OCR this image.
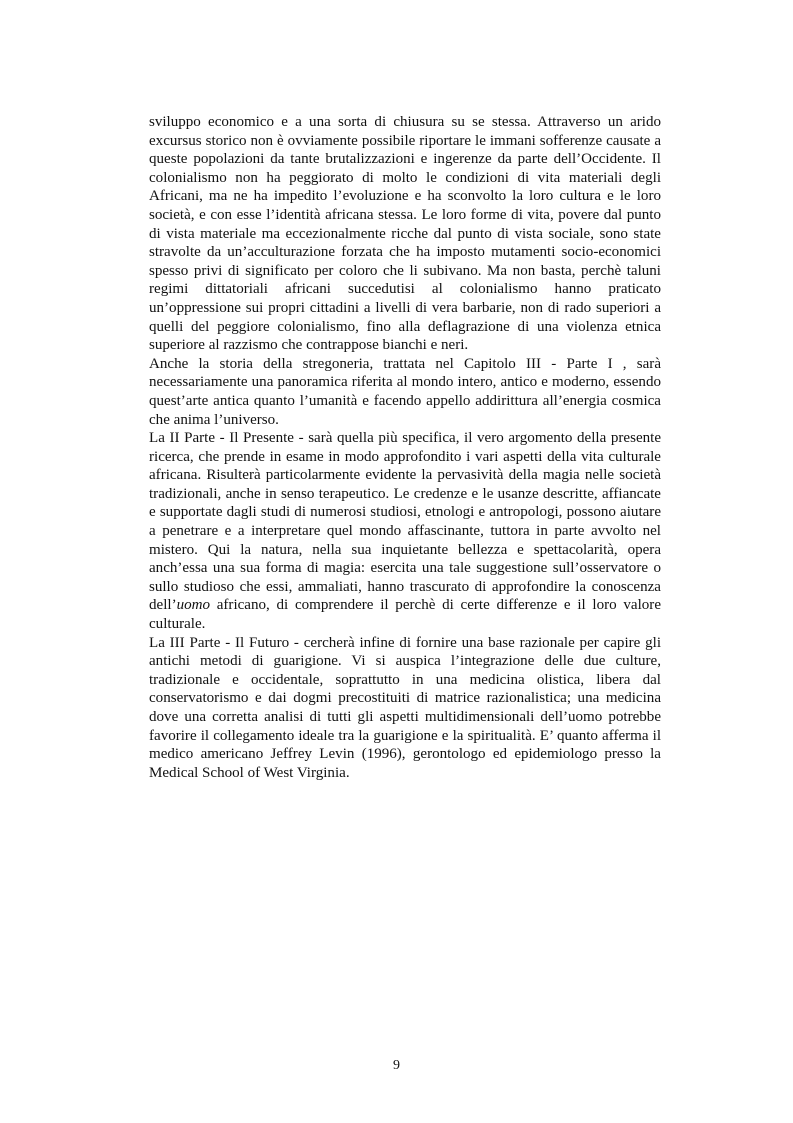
sviluppo economico e a una sorta di chiusura su se stessa. Attraverso un arido excursus storico non è ovviamente possibile riportare le immani sofferenze causate a queste popolazioni da tante brutalizzazioni e ingerenze da parte dell’Occidente. Il colonialismo non ha peggiorato di molto le condizioni di vita materiali degli Africani, ma ne ha impedito l’evoluzione e ha sconvolto la loro cultura e le loro società, e con esse l’identità africana stessa. Le loro forme di vita, povere dal punto di vista materiale ma eccezionalmente ricche dal punto di vista sociale, sono state stravolte da un’acculturazione forzata che ha imposto mutamenti socio-economici spesso privi di significato per coloro che li subivano. Ma non basta, perchè taluni regimi dittatoriali africani succedutisi al colonialismo hanno praticato un’oppressione sui propri cittadini a livelli di vera barbarie, non di rado superiori a quelli del peggiore colonialismo, fino alla deflagrazione di una violenza etnica superiore al razzismo che contrappose bianchi e neri.

Anche la storia della stregoneria, trattata nel Capitolo III - Parte I , sarà necessariamente una panoramica riferita al mondo intero, antico e moderno, essendo quest’arte antica quanto l’umanità e facendo appello addirittura all’energia cosmica che anima l’universo.

La II Parte - Il Presente - sarà quella più specifica, il vero argomento della presente ricerca, che prende in esame in modo approfondito i vari aspetti della vita culturale africana. Risulterà particolarmente evidente la pervasività della magia nelle società tradizionali, anche in senso terapeutico. Le credenze e le usanze descritte, affiancate e supportate dagli studi di numerosi studiosi, etnologi e antropologi, possono aiutare a penetrare e a interpretare quel mondo affascinante, tuttora in parte avvolto nel mistero. Qui la natura, nella sua inquietante bellezza e spettacolarità, opera anch’essa una sua forma di magia: esercita una tale suggestione sull’osservatore o sullo studioso che essi, ammaliati, hanno trascurato di approfondire la conoscenza dell’uomo africano, di comprendere il perchè di certe differenze e il loro valore culturale.

La III Parte - Il Futuro - cercherà infine di fornire una base razionale per capire gli antichi metodi di guarigione. Vi si auspica l’integrazione delle due culture, tradizionale e occidentale, soprattutto in una medicina olistica, libera dal conservatorismo e dai dogmi precostituiti di matrice razionalistica; una medicina dove una corretta analisi di tutti gli aspetti multidimensionali dell’uomo potrebbe favorire il collegamento ideale tra la guarigione e la spiritualità. E’ quanto afferma il medico americano Jeffrey Levin (1996), gerontologo ed epidemiologo presso la Medical School of West Virginia.

9
